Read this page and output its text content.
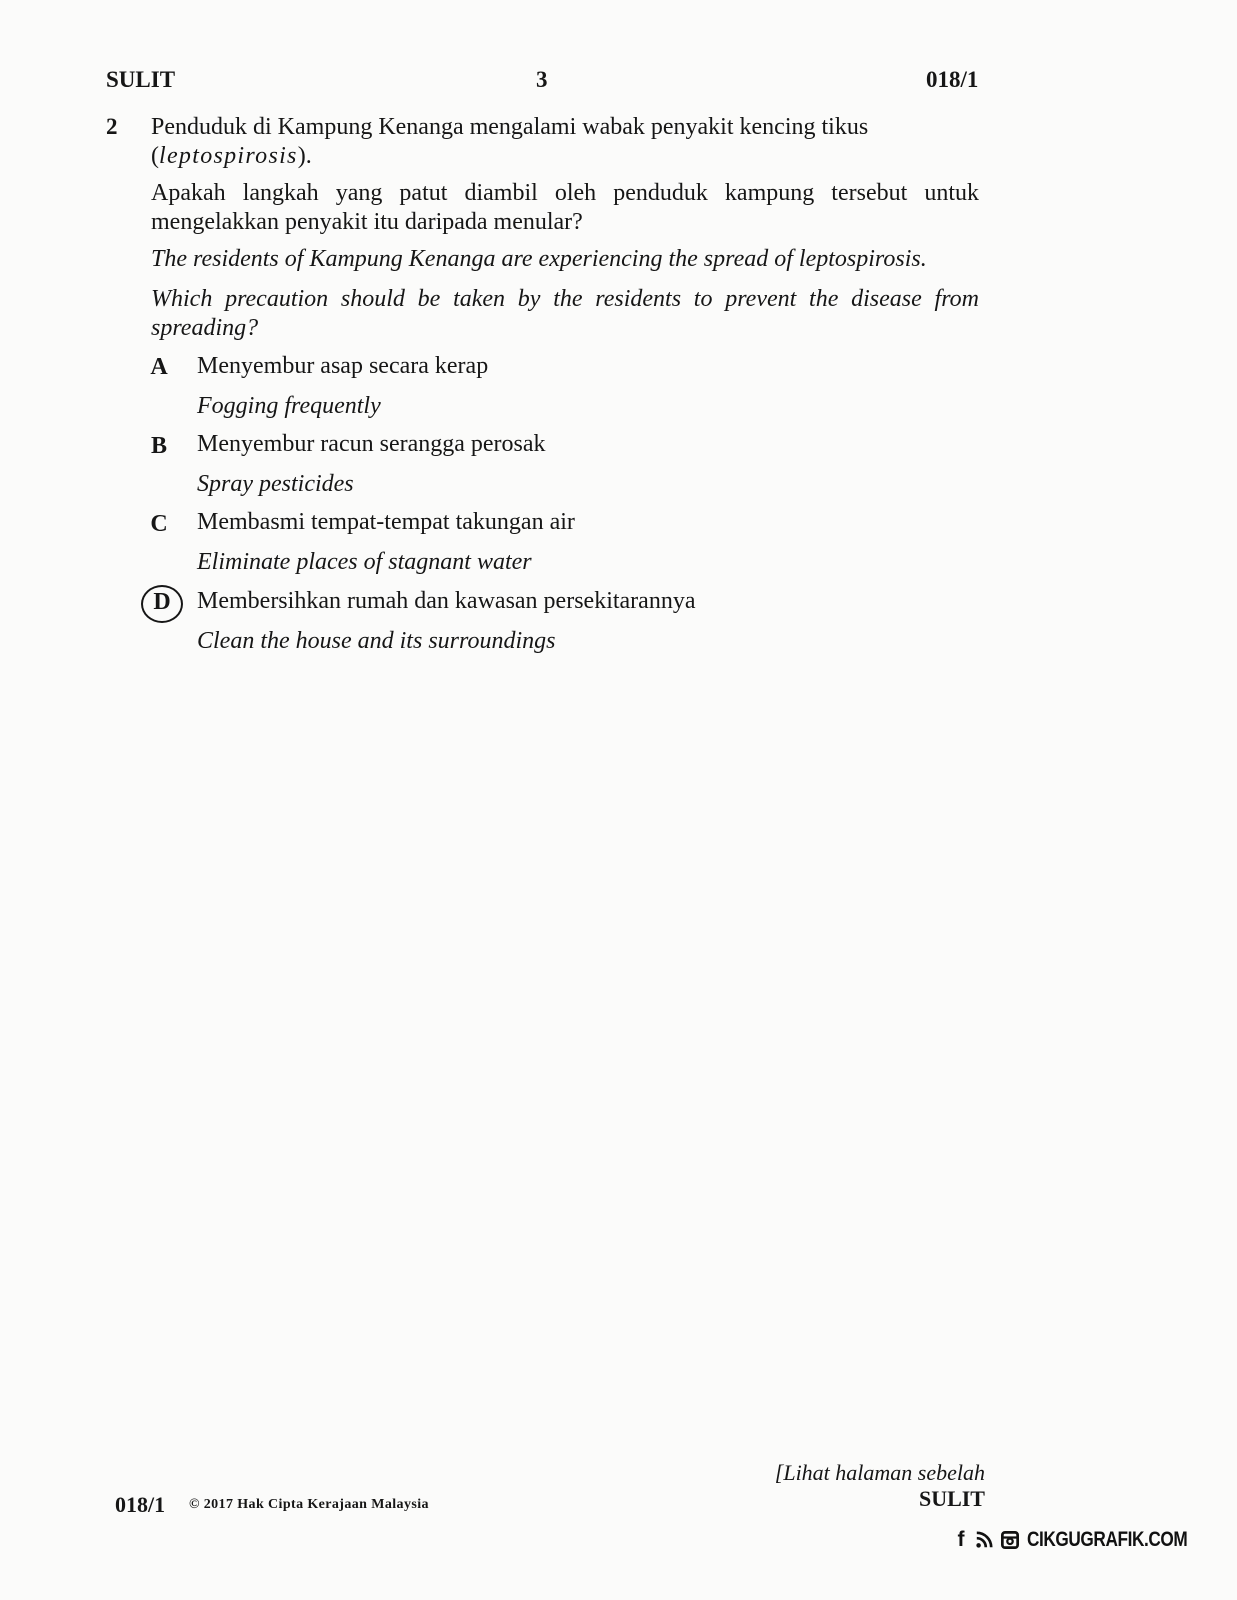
SULIT	3	018/1
2 Penduduk di Kampung Kenanga mengalami wabak penyakit kencing tikus
(leptospirosis).

Apakah langkah yang patut diambil oleh penduduk kampung tersebut untuk mengelakkan penyakit itu daripada menular?

The residents of Kampung Kenanga are experiencing the spread of leptospirosis.

Which precaution should be taken by the residents to prevent the disease from spreading?

A	Menyembur asap secara kerap
Fogging frequently
B	Menyembur racun serangga perosak
Spray pesticides
C	Membasmi tempat-tempat takungan air
Eliminate places of stagnant water
D	Membersihkan rumah dan kawasan persekitarannya
Clean the house and its surroundings
[Lihat halaman sebelah
SULIT
018/1 © 2017 Hak Cipta Kerajaan Malaysia
f	CIKGUGRAFIK.COM
